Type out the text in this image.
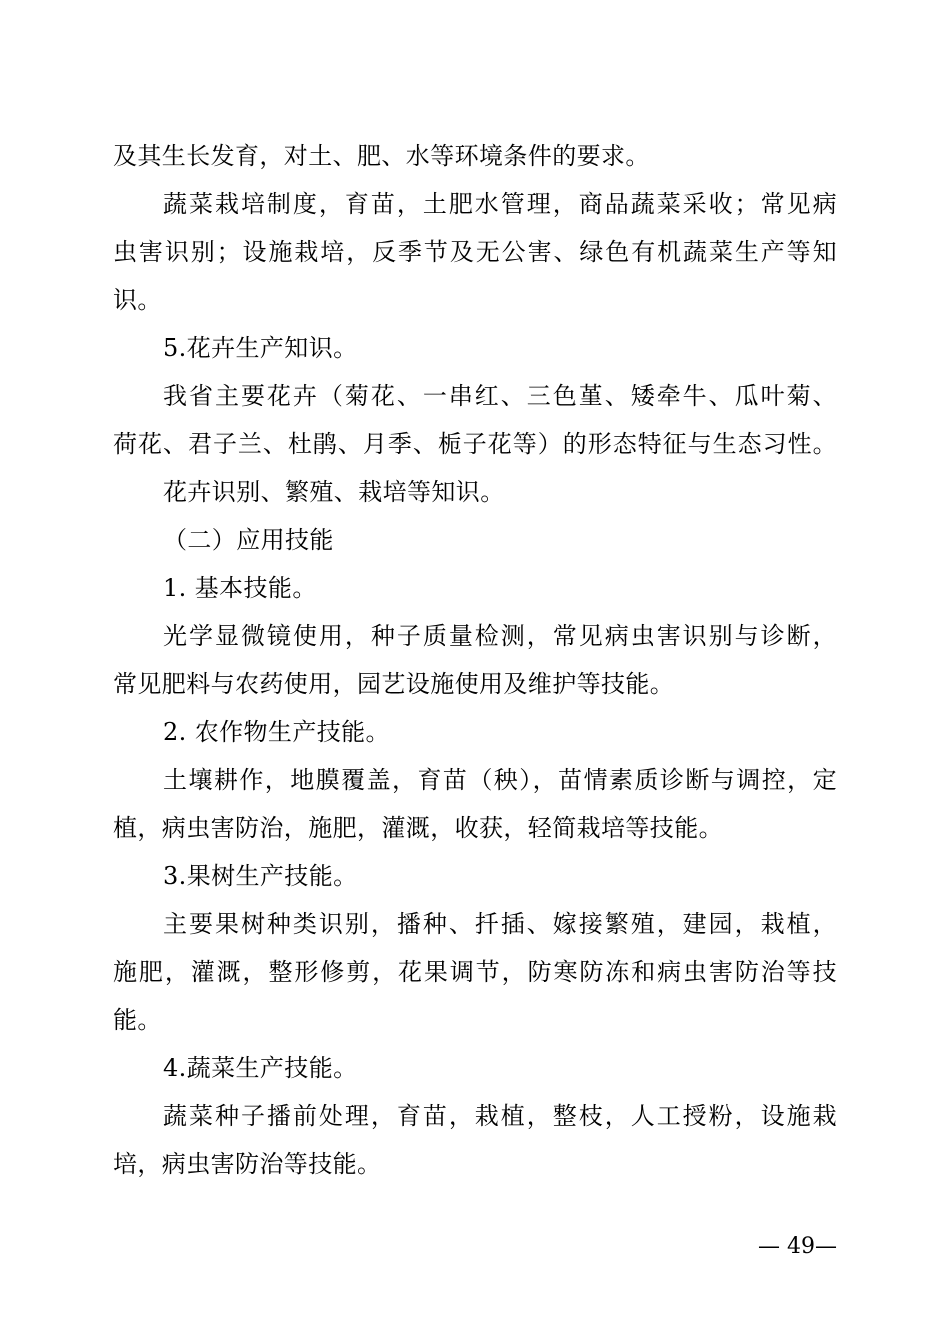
及其生长发育，对土、肥、水等环境条件的要求。
蔬菜栽培制度，育苗，土肥水管理，商品蔬菜采收；常见病
虫害识别；设施栽培，反季节及无公害、绿色有机蔬菜生产等知
识。
5.花卉生产知识。
我省主要花卉（菊花、一串红、三色堇、矮牵牛、瓜叶菊、
荷花、君子兰、杜鹃、月季、栀子花等）的形态特征与生态习性。
花卉识别、繁殖、栽培等知识。
（二）应用技能
1. 基本技能。
光学显微镜使用，种子质量检测，常见病虫害识别与诊断，
常见肥料与农药使用，园艺设施使用及维护等技能。
2. 农作物生产技能。
土壤耕作，地膜覆盖，育苗（秧），苗情素质诊断与调控，定
植，病虫害防治，施肥，灌溉，收获，轻简栽培等技能。
3.果树生产技能。
主要果树种类识别，播种、扦插、嫁接繁殖，建园，栽植，
施肥，灌溉，整形修剪，花果调节，防寒防冻和病虫害防治等技
能。
4.蔬菜生产技能。
蔬菜种子播前处理，育苗，栽植，整枝，人工授粉，设施栽
培，病虫害防治等技能。
— 49—
